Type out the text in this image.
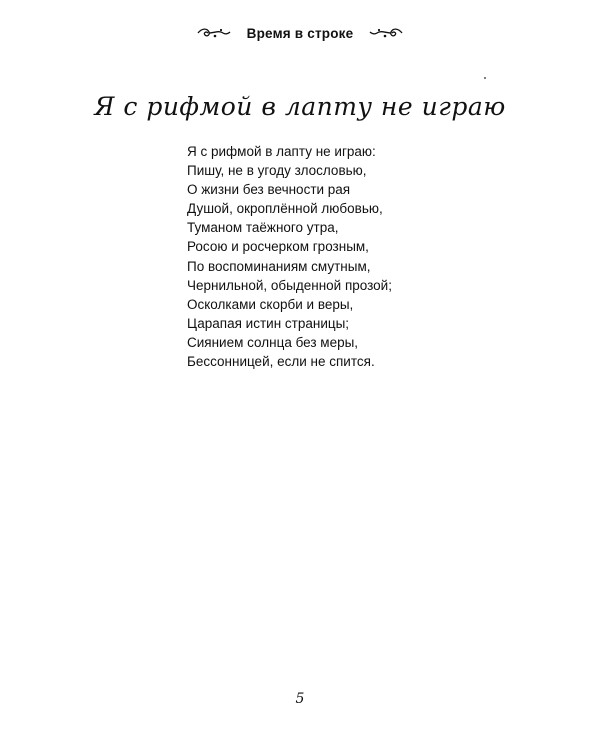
Время в строке
Я с рифмой в лапту не играю
Я с рифмой в лапту не играю:
Пишу, не в угоду злословью,
О жизни без вечности рая
Душой, окроплённой любовью,
Туманом таёжного утра,
Росою и росчерком грозным,
По воспоминаниям смутным,
Чернильной, обыденной прозой;
Осколками скорби и веры,
Царапая истин страницы;
Сиянием солнца без меры,
Бессонницей, если не спится.
5
